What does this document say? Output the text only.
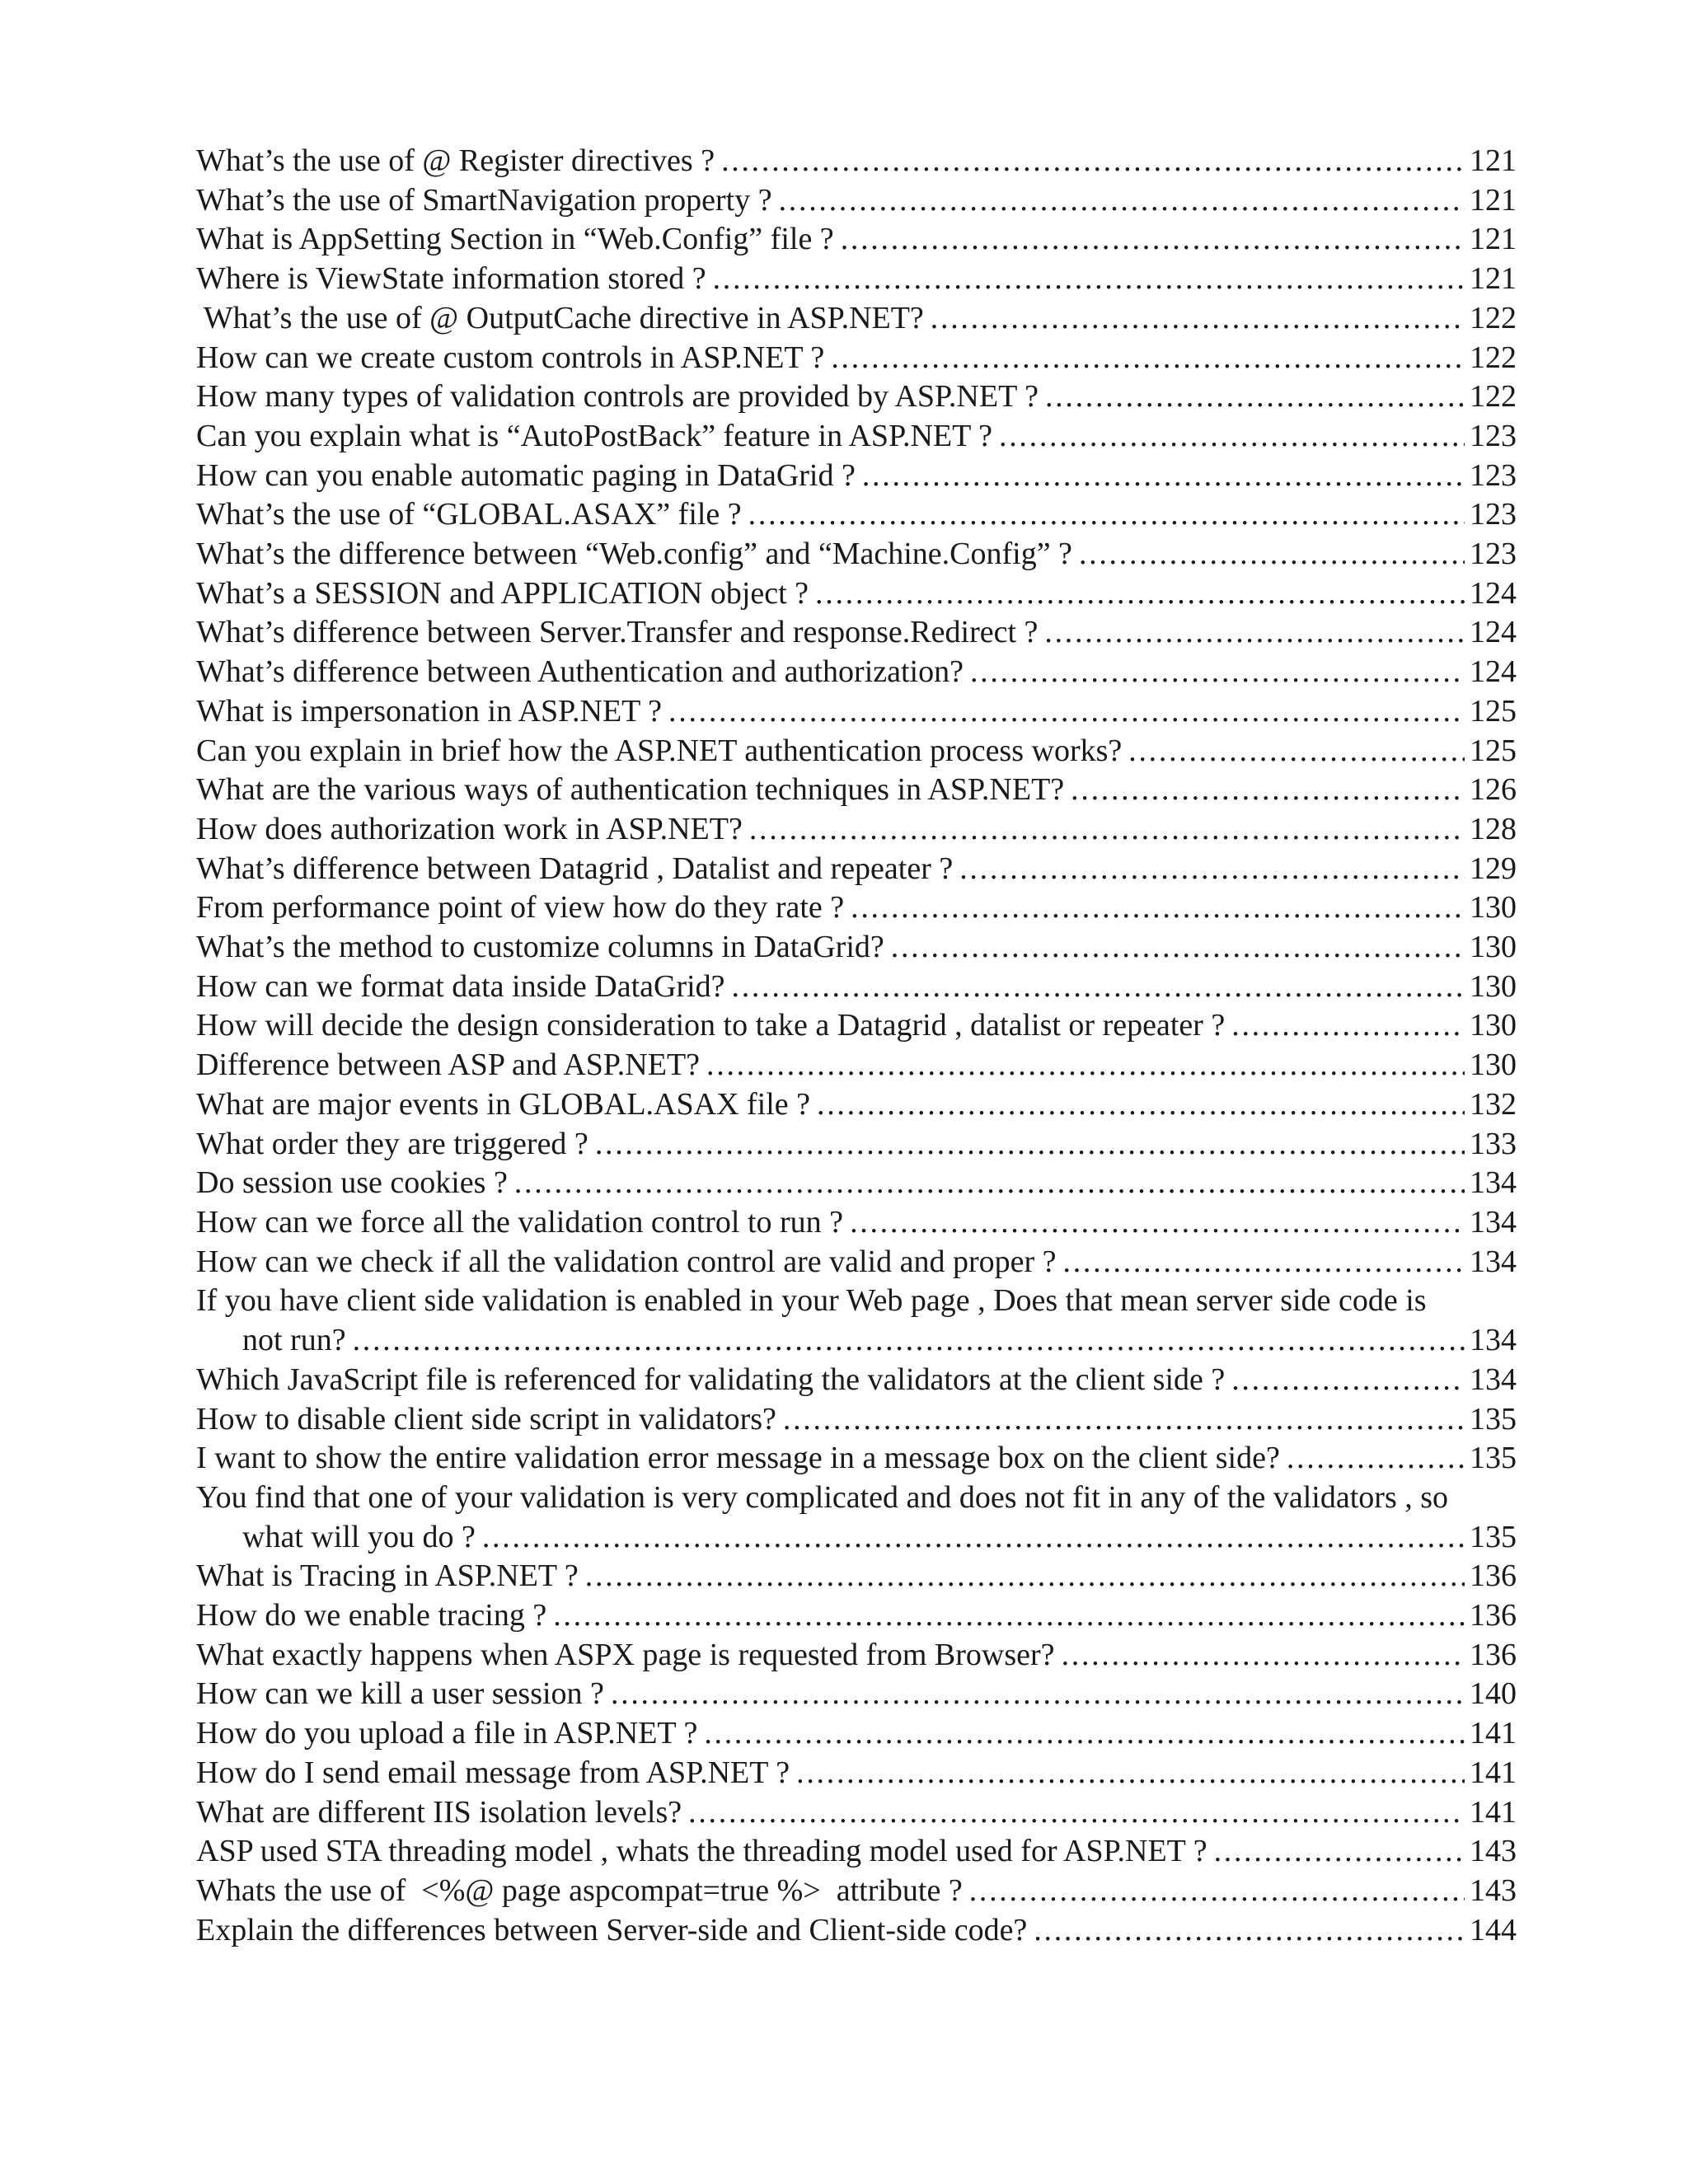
What’s the use of @ Register directives ? . . .	121
What’s the use of SmartNavigation property ? . . .	121
What is AppSetting Section in “Web.Config” file ? . . .	121
Where is ViewState information stored ? . . .	121
What’s the use of @ OutputCache directive in ASP.NET? . . .	122
How can we create custom controls in ASP.NET ? . . .	122
How many types of validation controls are provided by ASP.NET ? . . .	122
Can you explain what is “AutoPostBack” feature in ASP.NET ? . . .	123
How can you enable automatic paging in DataGrid ? . . .	123
What’s the use of “GLOBAL.ASAX” file ? . . .	123
What’s the difference between “Web.config” and “Machine.Config” ? . . .	123
What’s a SESSION and APPLICATION object ? . . .	124
What’s difference between Server.Transfer and response.Redirect ? . . .	124
What’s difference between Authentication and authorization? . . .	124
What is impersonation in ASP.NET ? . . .	125
Can you explain in brief how the ASP.NET authentication process works? . . .	125
What are the various ways of authentication techniques in ASP.NET? . . .	126
How does authorization work in ASP.NET? . . .	128
What’s difference between Datagrid , Datalist and repeater ? . . .	129
From performance point of view how do they rate ? . . .	130
What’s the method to customize columns in DataGrid? . . .	130
How can we format data inside DataGrid? . . .	130
How will decide the design consideration to take a Datagrid , datalist or repeater ? . . .	130
Difference between ASP and ASP.NET? . . .	130
What are major events in GLOBAL.ASAX file ? . . .	132
What order they are triggered ? . . .	133
Do session use cookies ? . . .	134
How can we force all the validation control to run ? . . .	134
How can we check if all the validation control are valid and proper ? . . .	134
If you have client side validation is enabled in your Web page , Does that mean server side code is
not run? . . .	134
Which JavaScript file is referenced for validating the validators at the client side ? . . .	134
How to disable client side script in validators? . . .	135
I want to show the entire validation error message in a message box on the client side? . . .	135
You find that one of your validation is very complicated and does not fit in any of the validators , so
what will you do ? . . .	135
What is Tracing in ASP.NET ? . . .	136
How do we enable tracing ? . . .	136
What exactly happens when ASPX page is requested from Browser? . . .	136
How can we kill a user session ? . . .	140
How do you upload a file in ASP.NET ? . . .	141
How do I send email message from ASP.NET ? . . .	141
What are different IIS isolation levels? . . .	141
ASP used STA threading model , whats the threading model used for ASP.NET ? . . .	143
Whats the use of  <%@ page aspcompat=true %>  attribute ? . . .	143
Explain the differences between Server-side and Client-side code? . . .	144
